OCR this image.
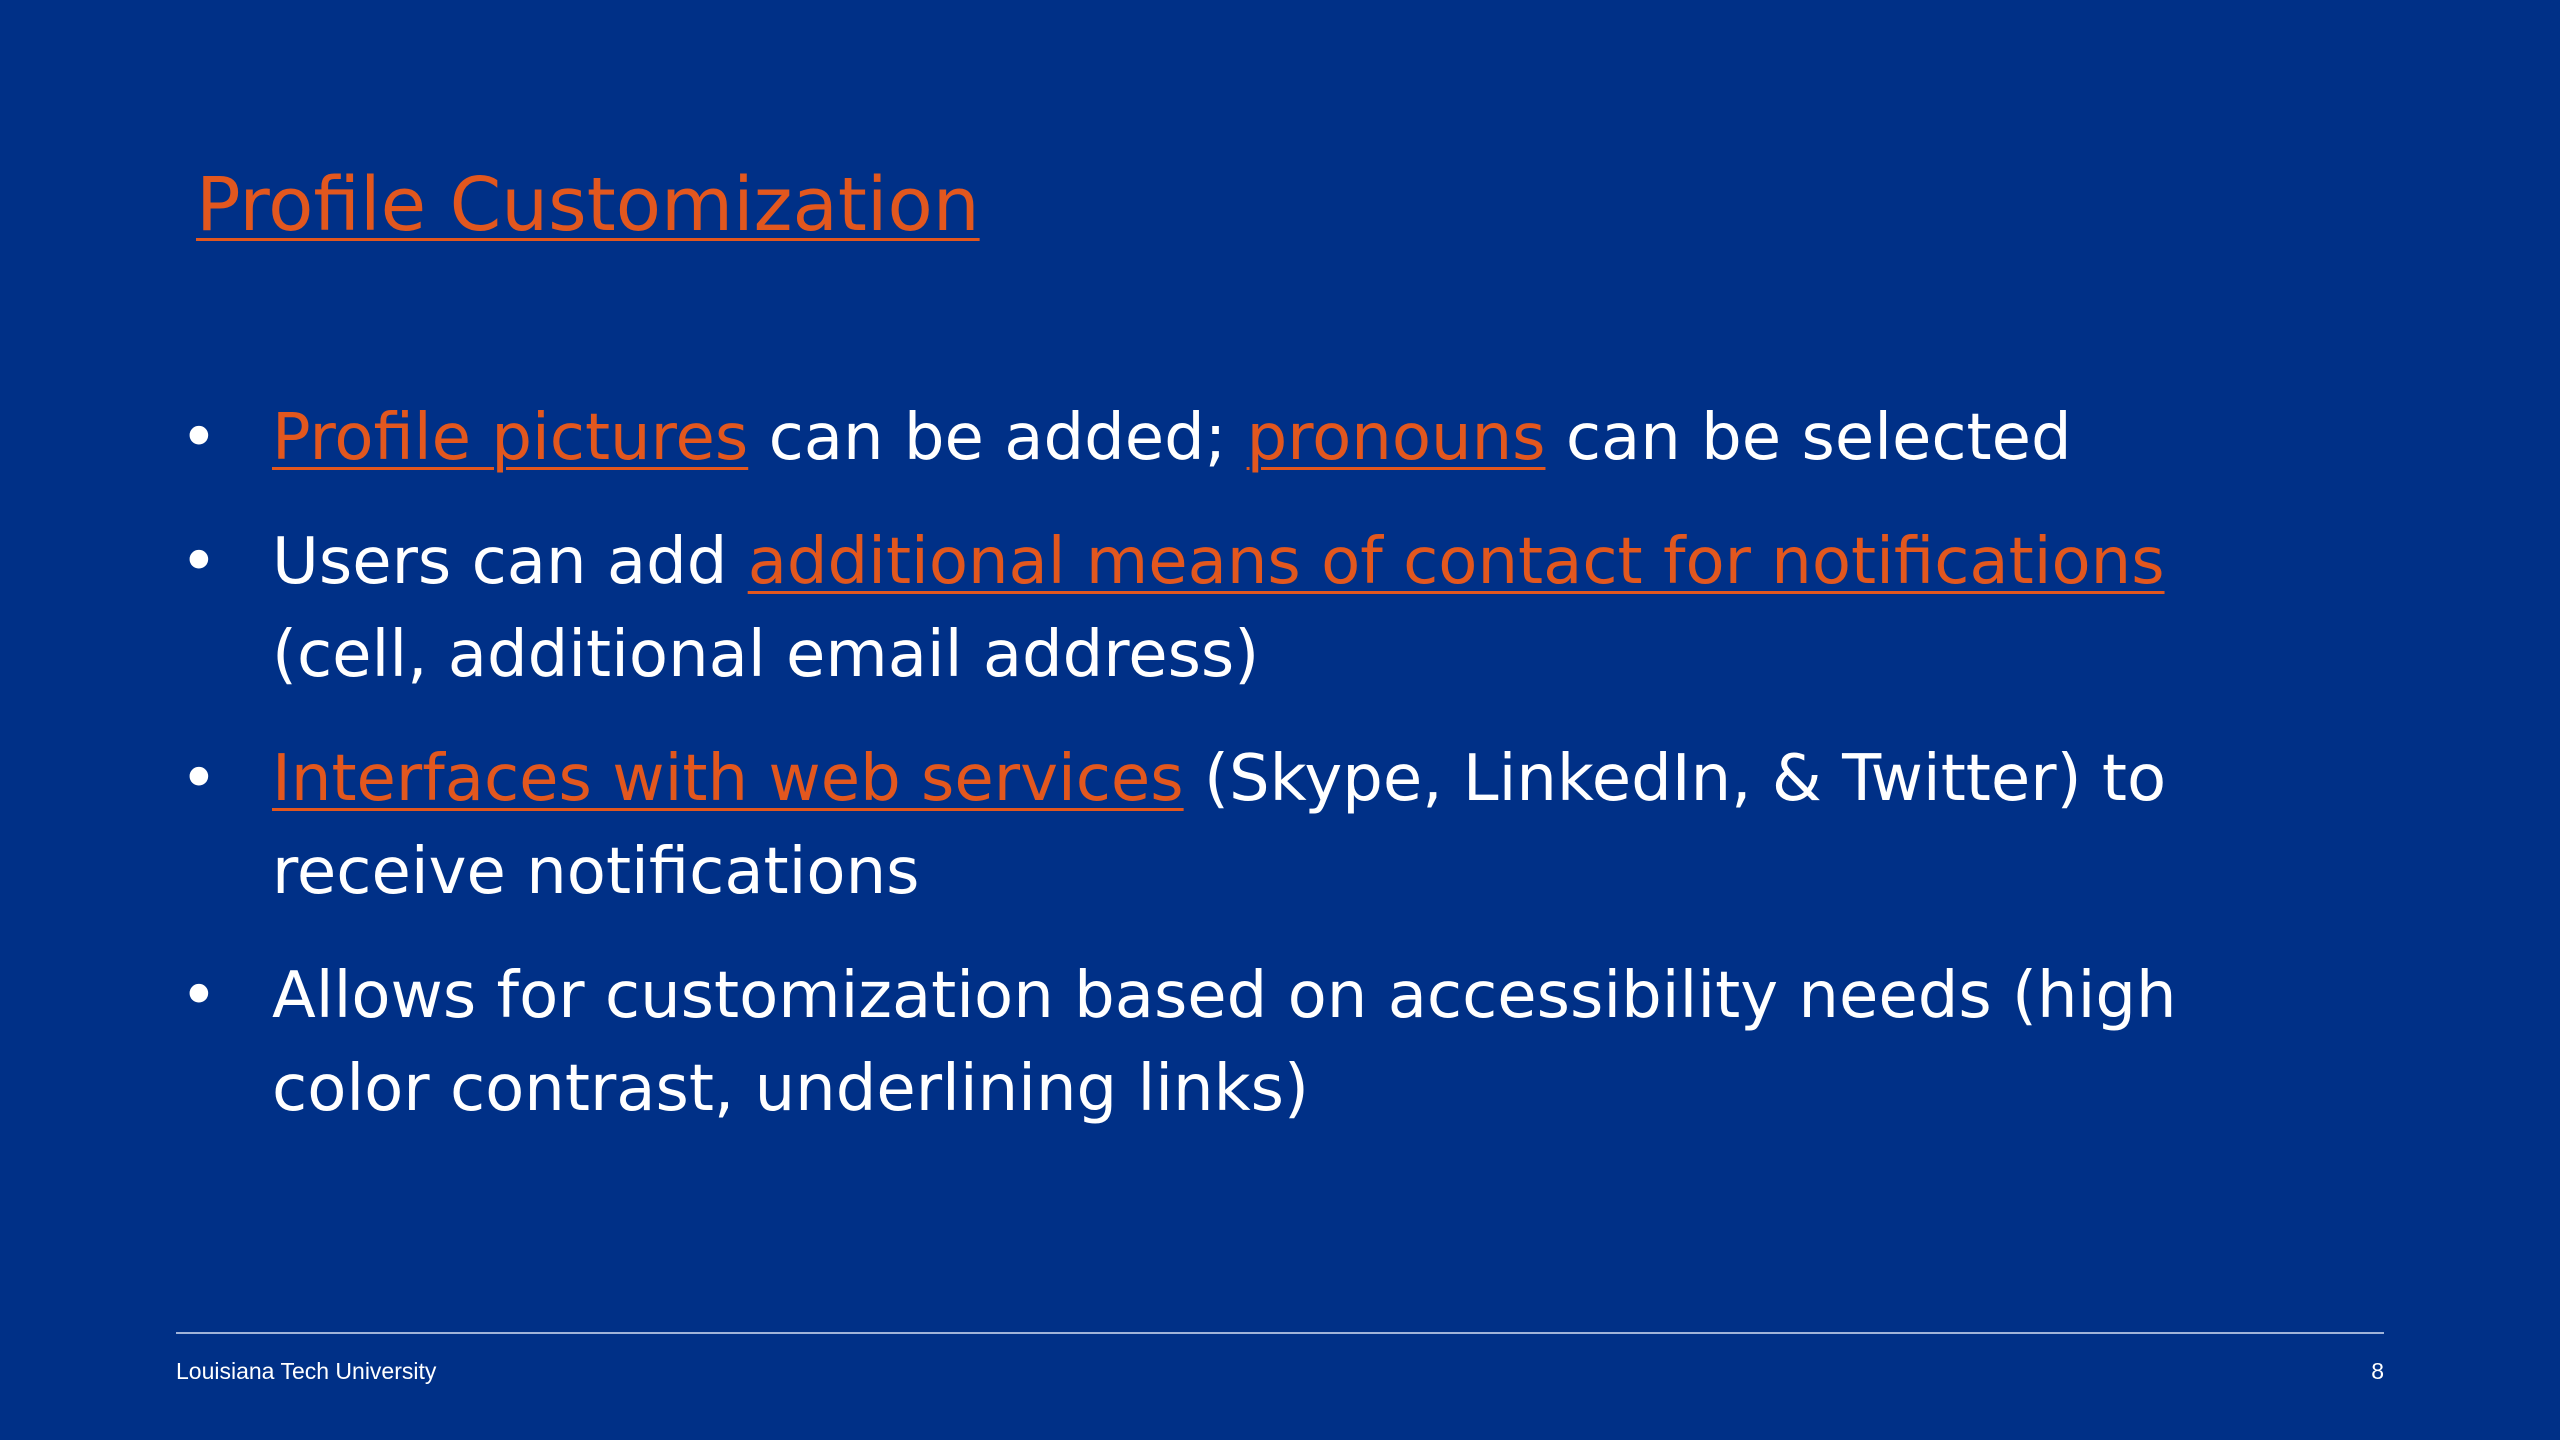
Profile Customization
• Profile pictures can be added; pronouns can be selected
• Users can add additional means of contact for notifications (cell, additional email address)
• Interfaces with web services (Skype, LinkedIn, & Twitter) to receive notifications
• Allows for customization based on accessibility needs (high color contrast, underlining links)
Louisiana Tech University	8
